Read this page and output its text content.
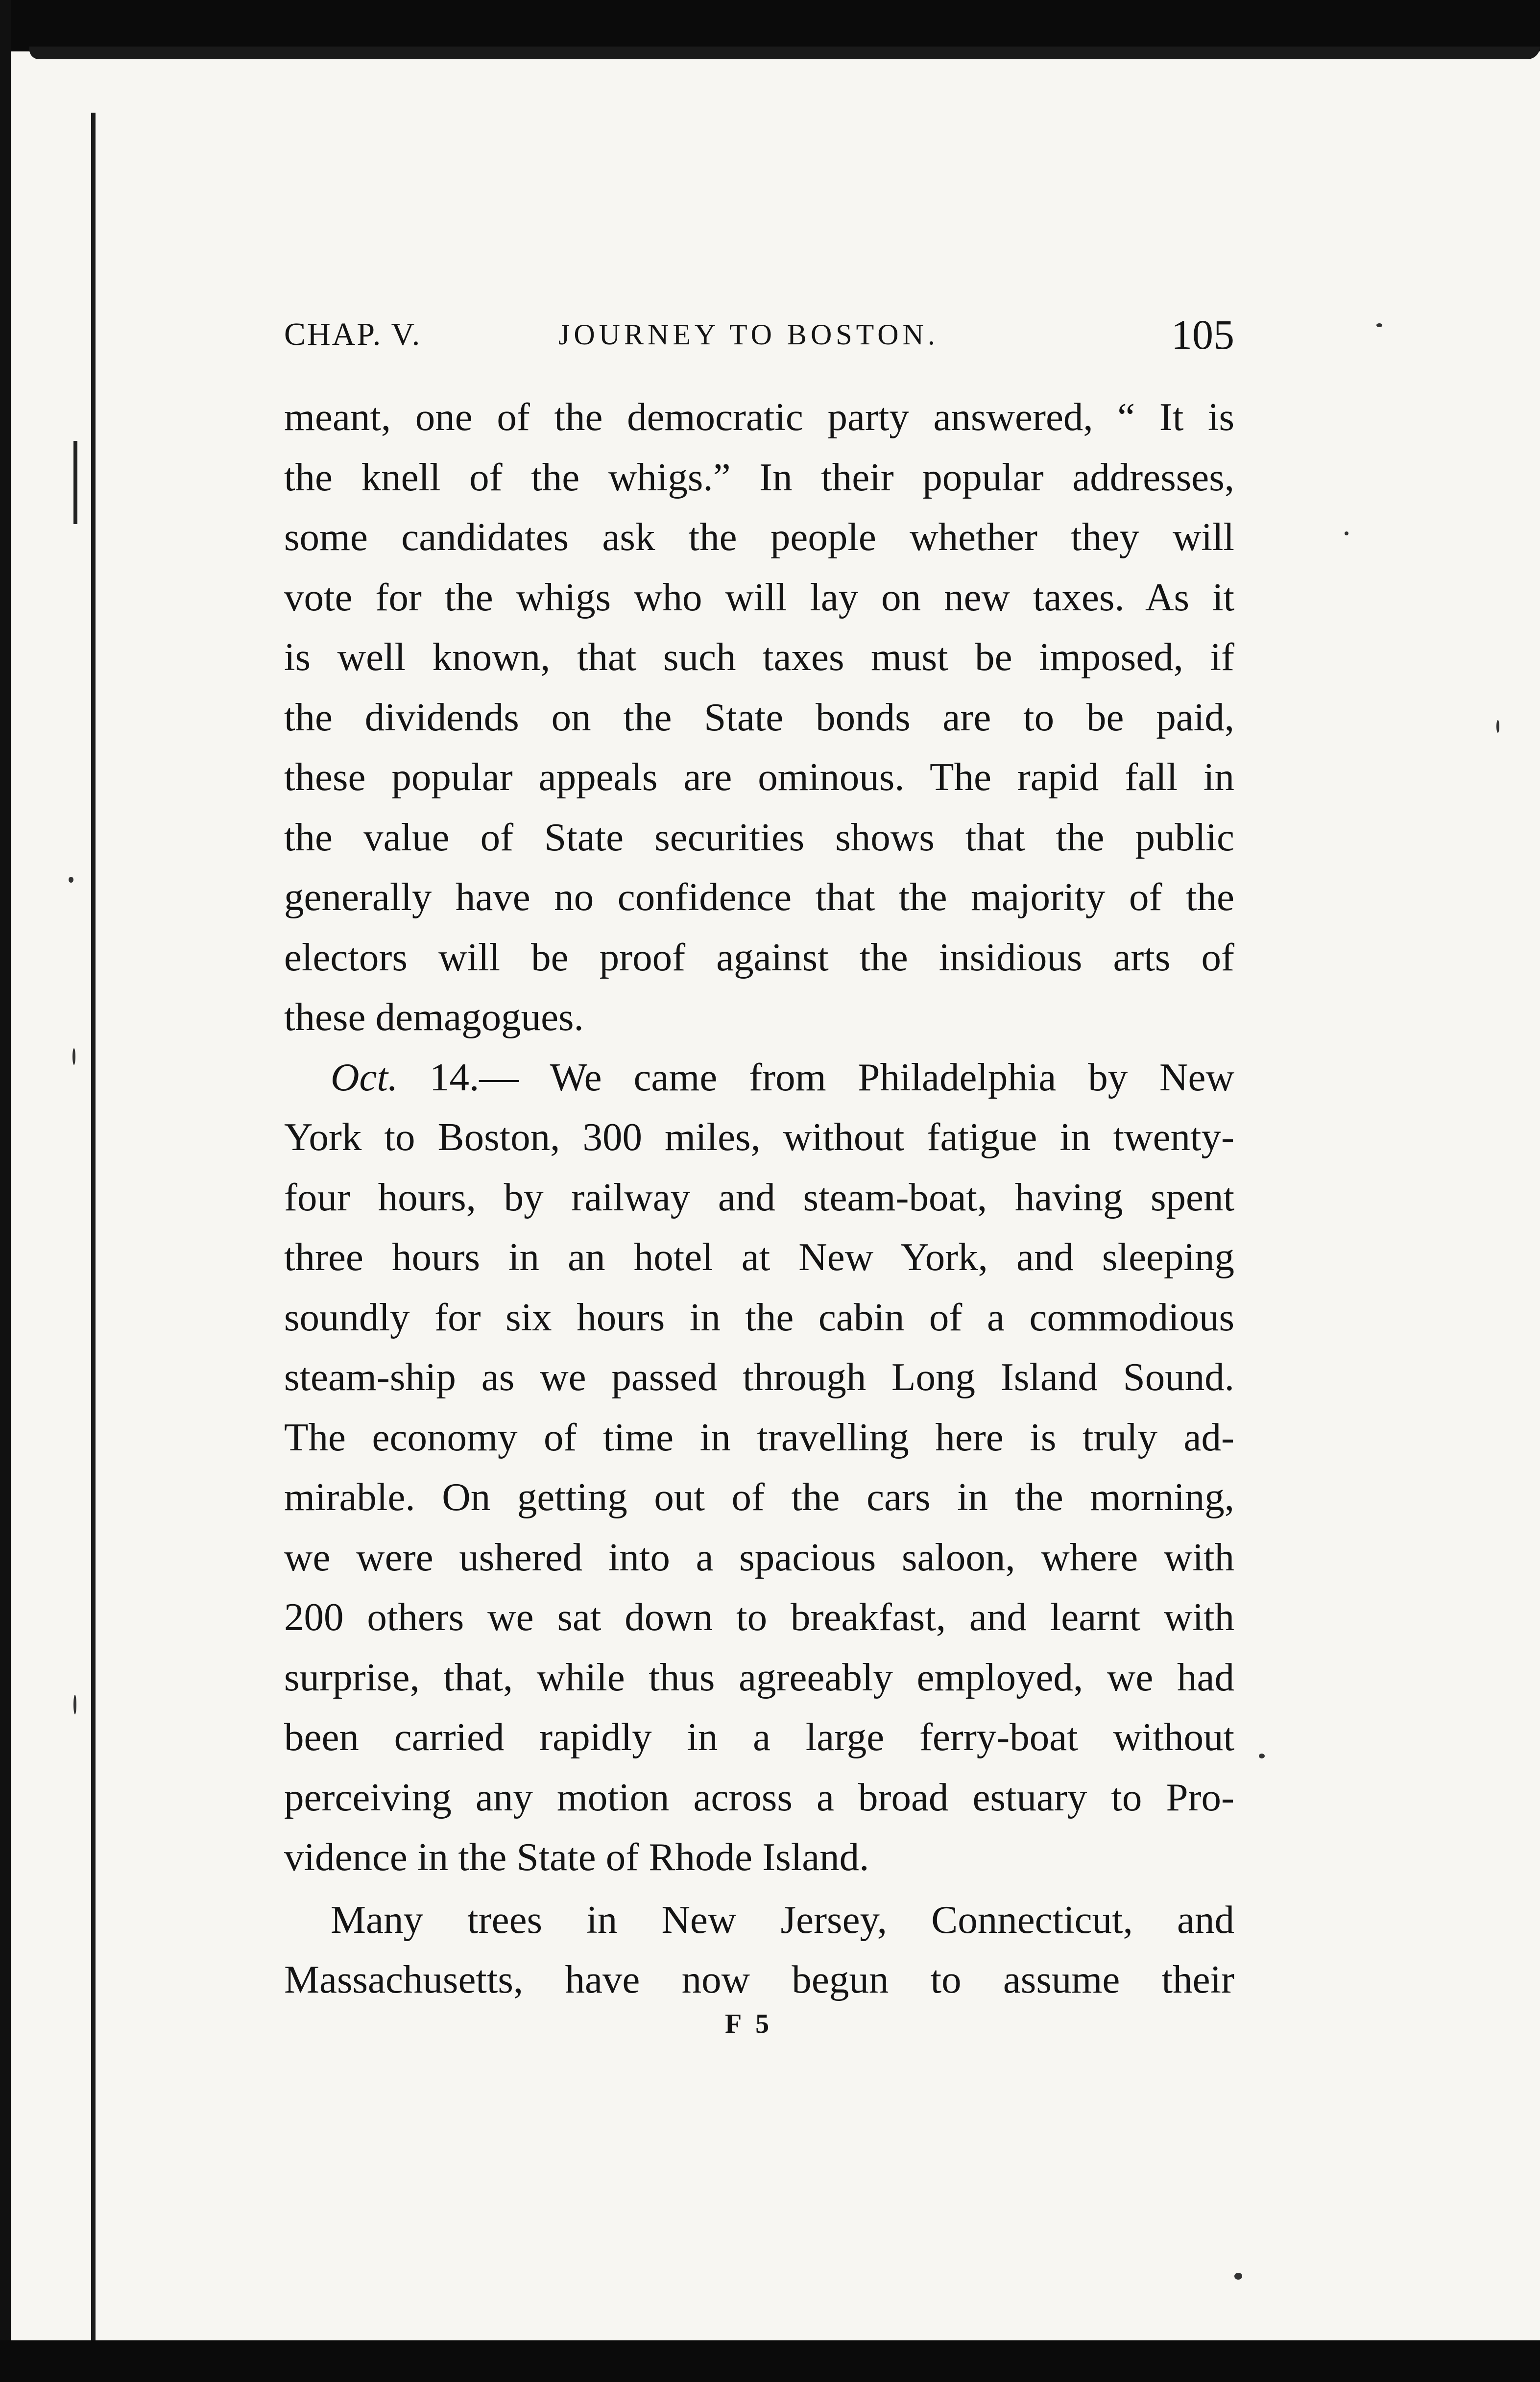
CHAP. V.	JOURNEY TO BOSTON.	105
meant, one of the democratic party answered, “ It is
the knell of the whigs.” In their popular addresses,
some candidates ask the people whether they will
vote for the whigs who will lay on new taxes. As it
is well known, that such taxes must be imposed, if
the dividends on the State bonds are to be paid,
these popular appeals are ominous. The rapid fall in
the value of State securities shows that the public
generally have no confidence that the majority of the
electors will be proof against the insidious arts of
these demagogues.
Oct. 14.— We came from Philadelphia by New
York to Boston, 300 miles, without fatigue in twenty-
four hours, by railway and steam-boat, having spent
three hours in an hotel at New York, and sleeping
soundly for six hours in the cabin of a commodious
steam-ship as we passed through Long Island Sound.
The economy of time in travelling here is truly ad-
mirable. On getting out of the cars in the morning,
we were ushered into a spacious saloon, where with
200 others we sat down to breakfast, and learnt with
surprise, that, while thus agreeably employed, we had
been carried rapidly in a large ferry-boat without
perceiving any motion across a broad estuary to Pro-
vidence in the State of Rhode Island.
Many trees in New Jersey, Connecticut, and
Massachusetts, have now begun to assume their
F 5
